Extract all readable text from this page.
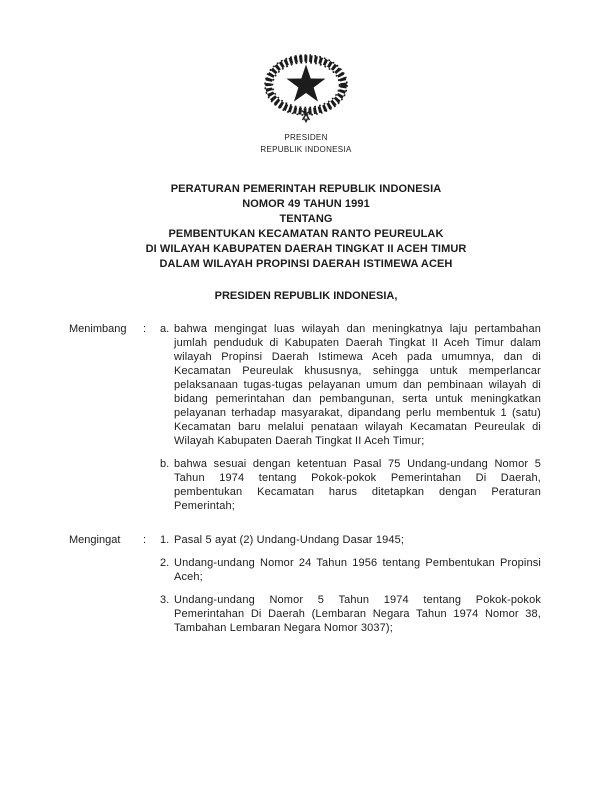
PRESIDEN
REPUBLIK INDONESIA
PERATURAN PEMERINTAH REPUBLIK INDONESIA
NOMOR 49 TAHUN 1991
TENTANG
PEMBENTUKAN KECAMATAN RANTO PEUREULAK
DI WILAYAH KABUPATEN DAERAH TINGKAT II ACEH TIMUR
DALAM WILAYAH PROPINSI DAERAH ISTIMEWA ACEH
PRESIDEN REPUBLIK INDONESIA,
Menimbang	:	a. bahwa mengingat luas wilayah dan meningkatnya laju pertambahan jumlah penduduk di Kabupaten Daerah Tingkat II Aceh Timur dalam wilayah Propinsi Daerah Istimewa Aceh pada umumnya, dan di Kecamatan Peureulak khususnya, sehingga untuk memperlancar pelaksanaan tugas-tugas pelayanan umum dan pembinaan wilayah di bidang pemerintahan dan pembangunan, serta untuk meningkatkan pelayanan terhadap masyarakat, dipandang perlu membentuk 1 (satu) Kecamatan baru melalui penataan wilayah Kecamatan Peureulak di Wilayah Kabupaten Daerah Tingkat II Aceh Timur;

b. bahwa sesuai dengan ketentuan Pasal 75 Undang-undang Nomor 5 Tahun 1974 tentang Pokok-pokok Pemerintahan Di Daerah, pembentukan Kecamatan harus ditetapkan dengan Peraturan Pemerintah;

Mengingat	:	1. Pasal 5 ayat (2) Undang-Undang Dasar 1945;

2. Undang-undang Nomor 24 Tahun 1956 tentang Pembentukan Propinsi Aceh;

3. Undang-undang Nomor 5 Tahun 1974 tentang Pokok-pokok Pemerintahan Di Daerah (Lembaran Negara Tahun 1974 Nomor 38, Tambahan Lembaran Negara Nomor 3037);
